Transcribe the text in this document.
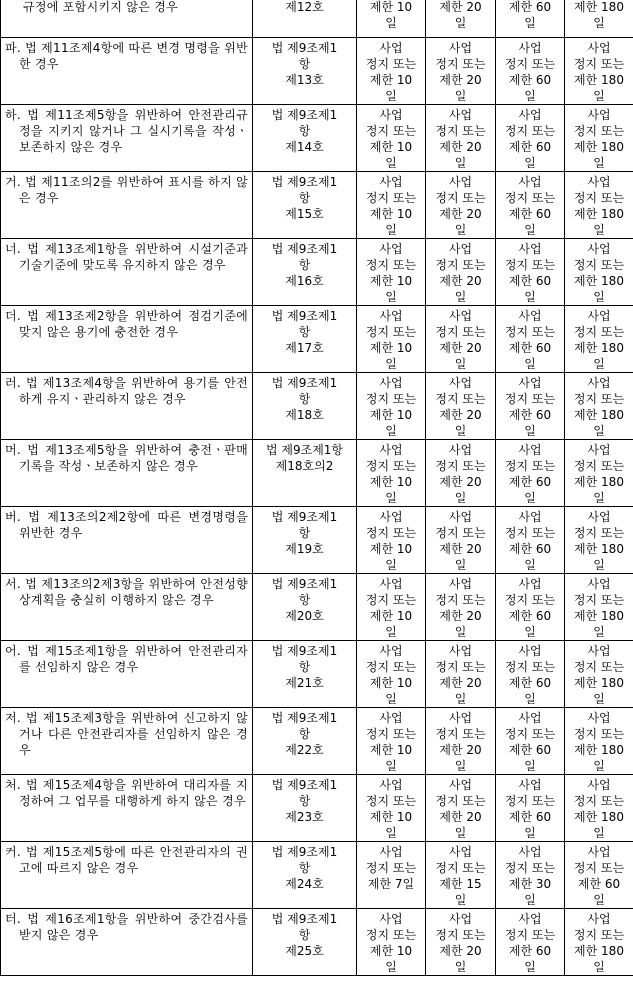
규정에 포함시키지 않은 경우	제12호	제한 10
일	제한 20
일	제한 60
일	제한 180
일

파. 법 제11조제4항에 따른 변경 명령을 위반한 경우	법 제9조제1
항
제13호	사업
정지 또는
제한 10
일	사업
정지 또는
제한 20
일	사업
정지 또는
제한 60
일	사업
정지 또는
제한 180
일

하. 법 제11조제5항을 위반하여 안전관리규정을 지키지 않거나 그 실시기록을 작성ㆍ보존하지 않은 경우	법 제9조제1
항
제14호	사업
정지 또는
제한 10
일	사업
정지 또는
제한 20
일	사업
정지 또는
제한 60
일	사업
정지 또는
제한 180
일

거. 법 제11조의2를 위반하여 표시를 하지 않은 경우	법 제9조제1
항
제15호	사업
정지 또는
제한 10
일	사업
정지 또는
제한 20
일	사업
정지 또는
제한 60
일	사업
정지 또는
제한 180
일

너. 법 제13조제1항을 위반하여 시설기준과 기술기준에 맞도록 유지하지 않은 경우	법 제9조제1
항
제16호	사업
정지 또는
제한 10
일	사업
정지 또는
제한 20
일	사업
정지 또는
제한 60
일	사업
정지 또는
제한 180
일

더. 법 제13조제2항을 위반하여 점검기준에 맞지 않은 용기에 충전한 경우	법 제9조제1
항
제17호	사업
정지 또는
제한 10
일	사업
정지 또는
제한 20
일	사업
정지 또는
제한 60
일	사업
정지 또는
제한 180
일

러. 법 제13조제4항을 위반하여 용기를 안전하게 유지ㆍ관리하지 않은 경우	법 제9조제1
항
제18호	사업
정지 또는
제한 10
일	사업
정지 또는
제한 20
일	사업
정지 또는
제한 60
일	사업
정지 또는
제한 180
일

머. 법 제13조제5항을 위반하여 충전ㆍ판매 기록을 작성ㆍ보존하지 않은 경우	법 제9조제1항
제18호의2	사업
정지 또는
제한 10
일	사업
정지 또는
제한 20
일	사업
정지 또는
제한 60
일	사업
정지 또는
제한 180
일

버. 법 제13조의2제2항에 따른 변경명령을 위반한 경우	법 제9조제1
항
제19호	사업
정지 또는
제한 10
일	사업
정지 또는
제한 20
일	사업
정지 또는
제한 60
일	사업
정지 또는
제한 180
일

서. 법 제13조의2제3항을 위반하여 안전성향상계획을 충실히 이행하지 않은 경우	법 제9조제1
항
제20호	사업
정지 또는
제한 10
일	사업
정지 또는
제한 20
일	사업
정지 또는
제한 60
일	사업
정지 또는
제한 180
일

어. 법 제15조제1항을 위반하여 안전관리자를 선임하지 않은 경우	법 제9조제1
항
제21호	사업
정지 또는
제한 10
일	사업
정지 또는
제한 20
일	사업
정지 또는
제한 60
일	사업
정지 또는
제한 180
일

저. 법 제15조제3항을 위반하여 신고하지 않거나 다른 안전관리자를 선임하지 않은 경우	법 제9조제1
항
제22호	사업
정지 또는
제한 10
일	사업
정지 또는
제한 20
일	사업
정지 또는
제한 60
일	사업
정지 또는
제한 180
일

처. 법 제15조제4항을 위반하여 대리자를 지정하여 그 업무를 대행하게 하지 않은 경우	법 제9조제1
항
제23호	사업
정지 또는
제한 10
일	사업
정지 또는
제한 20
일	사업
정지 또는
제한 60
일	사업
정지 또는
제한 180
일

커. 법 제15조제5항에 따른 안전관리자의 권고에 따르지 않은 경우	법 제9조제1
항
제24호	사업
정지 또는
제한 7일	사업
정지 또는
제한 15
일	사업
정지 또는
제한 30
일	사업
정지 또는
제한 60
일

터. 법 제16조제1항을 위반하여 중간검사를 받지 않은 경우	법 제9조제1
항
제25호	사업
정지 또는
제한 10
일	사업
정지 또는
제한 20
일	사업
정지 또는
제한 60
일	사업
정지 또는
제한 180
일
